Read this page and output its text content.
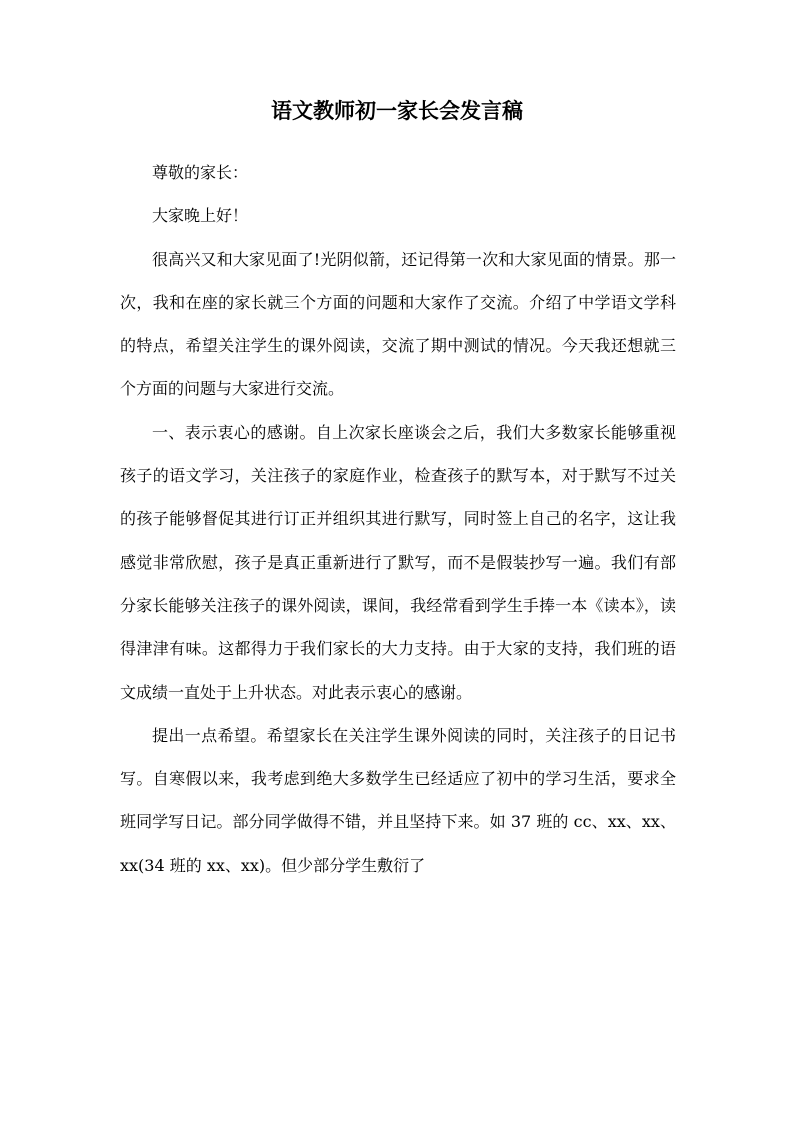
语文教师初一家长会发言稿

尊敬的家长：

大家晚上好！

很高兴又和大家见面了!光阴似箭，还记得第一次和大家见面的情景。那一次，我和在座的家长就三个方面的问题和大家作了交流。介绍了中学语文学科的特点，希望关注学生的课外阅读，交流了期中测试的情况。今天我还想就三个方面的问题与大家进行交流。

一、表示衷心的感谢。自上次家长座谈会之后，我们大多数家长能够重视孩子的语文学习，关注孩子的家庭作业，检查孩子的默写本，对于默写不过关的孩子能够督促其进行订正并组织其进行默写，同时签上自己的名字，这让我感觉非常欣慰，孩子是真正重新进行了默写，而不是假装抄写一遍。我们有部分家长能够关注孩子的课外阅读，课间，我经常看到学生手捧一本《读本》，读得津津有味。这都得力于我们家长的大力支持。由于大家的支持，我们班的语文成绩一直处于上升状态。对此表示衷心的感谢。

提出一点希望。希望家长在关注学生课外阅读的同时，关注孩子的日记书写。自寒假以来，我考虑到绝大多数学生已经适应了初中的学习生活，要求全班同学写日记。部分同学做得不错，并且坚持下来。如 37 班的 cc、xx、xx、xx(34 班的 xx、xx)。但少部分学生敷衍了
